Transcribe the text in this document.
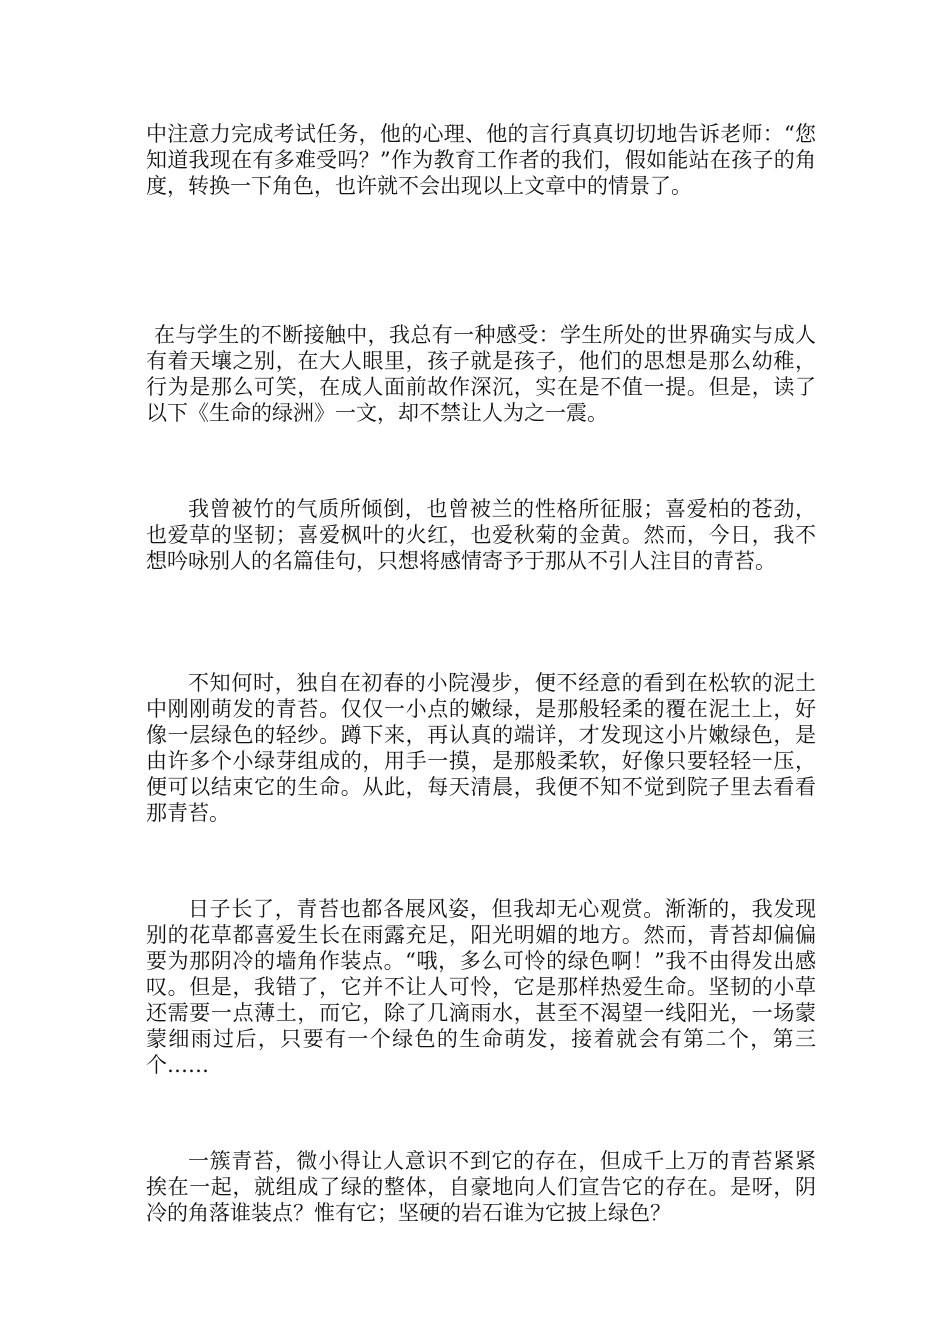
中注意力完成考试任务，他的心理、他的言行真真切切地告诉老师：“您知道我现在有多难受吗？”作为教育工作者的我们，假如能站在孩子的角度，转换一下角色，也许就不会出现以上文章中的情景了。

在与学生的不断接触中，我总有一种感受：学生所处的世界确实与成人有着天壤之别，在大人眼里，孩子就是孩子，他们的思想是那么幼稚，行为是那么可笑，在成人面前故作深沉，实在是不值一提。但是，读了以下《生命的绿洲》一文，却不禁让人为之一震。

我曾被竹的气质所倾倒，也曾被兰的性格所征服；喜爱柏的苍劲，也爱草的坚韧；喜爱枫叶的火红，也爱秋菊的金黄。然而，今日，我不想吟咏别人的名篇佳句，只想将感情寄予于那从不引人注目的青苔。

不知何时，独自在初春的小院漫步，便不经意的看到在松软的泥土中刚刚萌发的青苔。仅仅一小点的嫩绿，是那般轻柔的覆在泥土上，好像一层绿色的轻纱。蹲下来，再认真的端详，才发现这小片嫩绿色，是由许多个小绿芽组成的，用手一摸，是那般柔软，好像只要轻轻一压，便可以结束它的生命。从此，每天清晨，我便不知不觉到院子里去看看那青苔。

日子长了，青苔也都各展风姿，但我却无心观赏。渐渐的，我发现别的花草都喜爱生长在雨露充足，阳光明媚的地方。然而，青苔却偏偏要为那阴冷的墙角作装点。“哦，多么可怜的绿色啊！”我不由得发出感叹。但是，我错了，它并不让人可怜，它是那样热爱生命。坚韧的小草还需要一点薄土，而它，除了几滴雨水，甚至不渴望一线阳光，一场蒙蒙细雨过后，只要有一个绿色的生命萌发，接着就会有第二个，第三个……

一簇青苔，微小得让人意识不到它的存在，但成千上万的青苔紧紧挨在一起，就组成了绿的整体，自豪地向人们宣告它的存在。是呀，阴冷的角落谁装点？惟有它；坚硬的岩石谁为它披上绿色？
